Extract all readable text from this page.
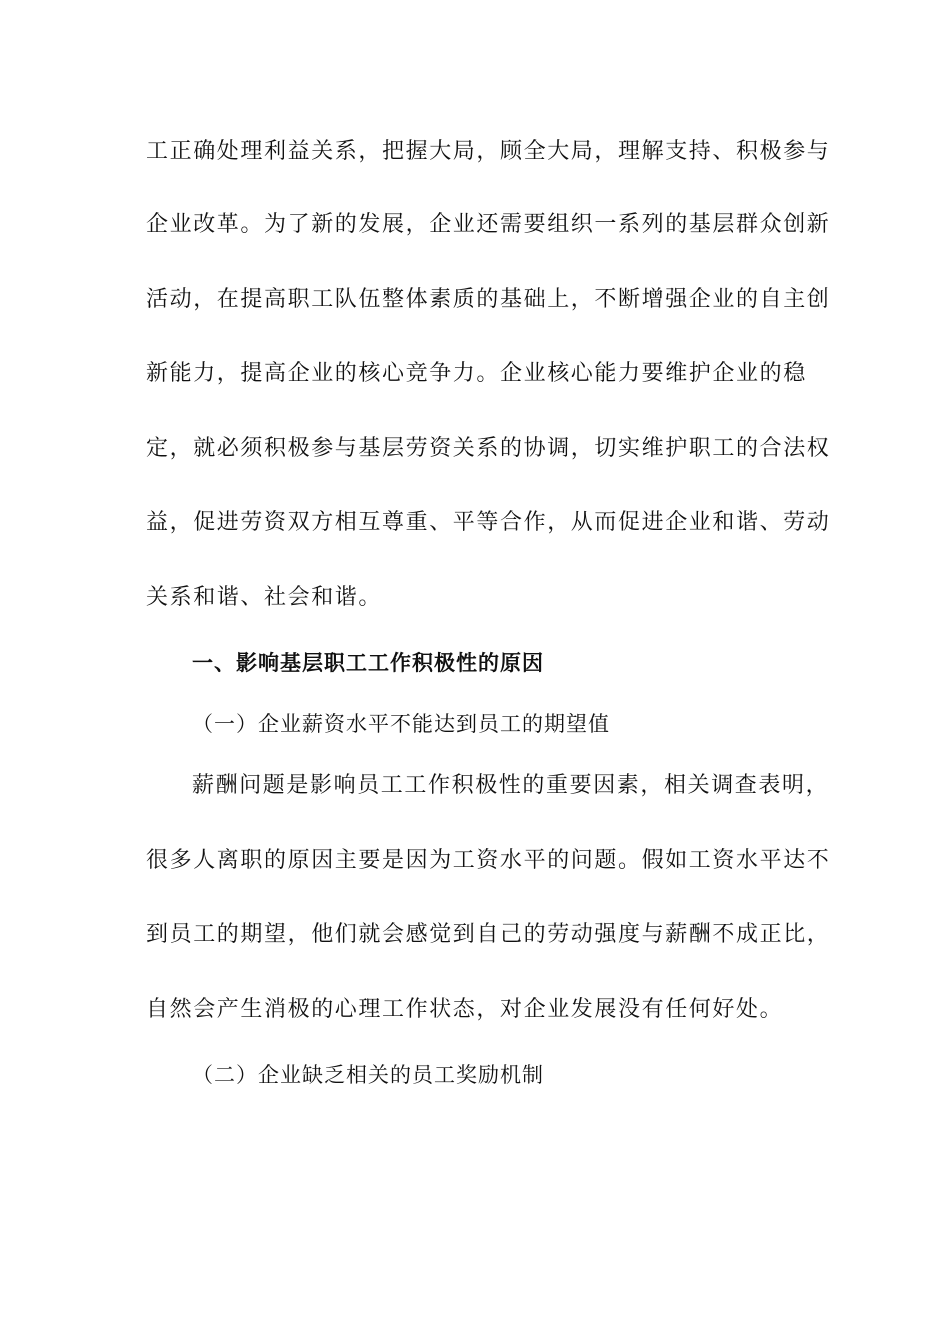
工正确处理利益关系，把握大局，顾全大局，理解支持、积极参与
企业改革。为了新的发展，企业还需要组织一系列的基层群众创新
活动，在提高职工队伍整体素质的基础上，不断增强企业的自主创
新能力，提高企业的核心竞争力。企业核心能力要维护企业的稳
定，就必须积极参与基层劳资关系的协调，切实维护职工的合法权
益，促进劳资双方相互尊重、平等合作，从而促进企业和谐、劳动
关系和谐、社会和谐。
一、影响基层职工工作积极性的原因
（一）企业薪资水平不能达到员工的期望值
薪酬问题是影响员工工作积极性的重要因素，相关调查表明，
很多人离职的原因主要是因为工资水平的问题。假如工资水平达不
到员工的期望，他们就会感觉到自己的劳动强度与薪酬不成正比，
自然会产生消极的心理工作状态，对企业发展没有任何好处。
（二）企业缺乏相关的员工奖励机制
